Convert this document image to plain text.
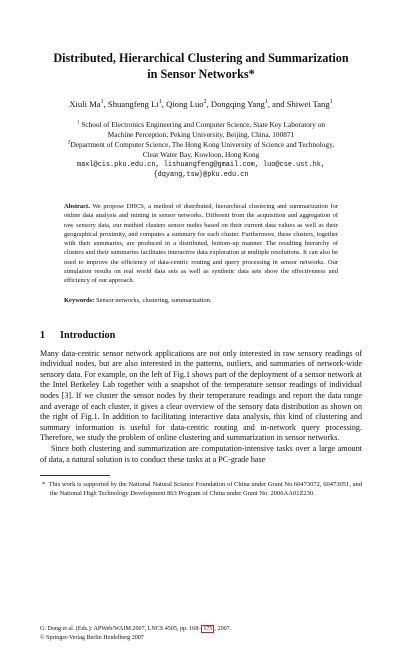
Distributed, Hierarchical Clustering and Summarization
in Sensor Networks*
Xiuli Ma$^1$, Shuangfeng Li$^1$, Qiong Luo$^2$, Dongqing Yang$^1$, and Shiwei Tang$^1$
$^1$ School of Electronics Engineering and Computer Science, State Key Laboratory on
Machine Perception, Peking University, Beijing, China, 100871
$^2$Department of Computer Science, The Hong Kong University of Science and Technology,
Clear Water Bay, Kowloon, Hong Kong
maxl@cis.pku.edu.cn, lishuangfeng@gmail.com, luo@cse.ust.hk,
{dqyang,tsw}@pku.edu.cn
Abstract. We propose DHCS, a method of distributed, hierarchical clustering and summarization for online data analysis and mining in sensor networks. Different from the acquisition and aggregation of raw sensory data, our method clusters sensor nodes based on their current data values as well as their geographical proximity, and computes a summary for each cluster. Furthermore, these clusters, together with their summaries, are produced in a distributed, bottom-up manner. The resulting hierarchy of clusters and their summaries facilitates interactive data exploration at multiple resolutions. It can also be used to improve the efficiency of data-centric routing and query processing in sensor networks. Our simulation results on real world data sets as well as synthetic data sets show the effectiveness and efficiency of our approach.
Keywords: Sensor networks, clustering, summarization.
1 Introduction

Many data-centric sensor network applications are not only interested in raw sensory readings of individual nodes, but are also interested in the patterns, outliers, and summaries of network-wide sensory data. For example, on the left of Fig.1 shows part of the deployment of a sensor network at the Intel Berkeley Lab together with a snapshot of the temperature sensor readings of individual nodes [3]. If we cluster the sensor nodes by their temperature readings and report the data range and average of each cluster, it gives a clear overview of the sensory data distribution as shown on the right of Fig.1. In addition to facilitating interactive data analysis, this kind of clustering and summary information is useful for data-centric routing and in-network query processing. Therefore, we study the problem of online clustering and summarization in sensor networks.

Since both clustering and summarization are computation-intensive tasks over a large amount of data, a natural solution is to conduct these tasks at a PC-grade base

* This work is supported by the National Natural Science Foundation of China under Grant No.60473072, 60473051, and the National High Technology Development 863 Program of China under Grant No. 2006AA01Z230.
G. Dong et al. (Eds.): APWeb/WAIM 2007, LNCS 4505, pp. 168– 175 , 2007.
© Springer-Verlag Berlin Heidelberg 2007
